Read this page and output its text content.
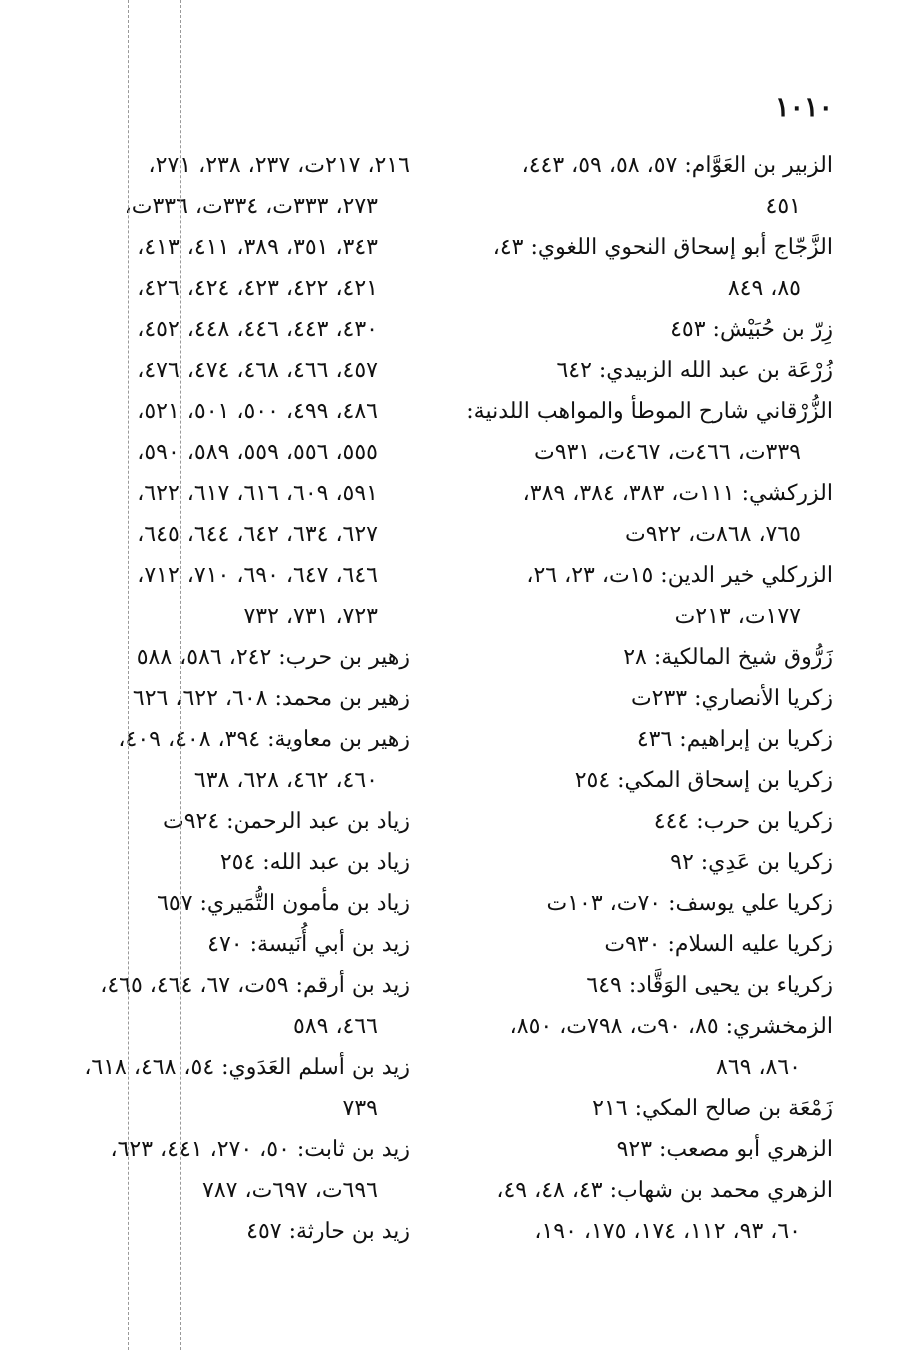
١٠١٠
الزبير بن العَوَّام: ٥٧، ٥٨، ٥٩، ٤٤٣،
٤٥١
الزَّجّاج أبو إسحاق النحوي اللغوي: ٤٣،
٨٥، ٨٤٩
زِرّ بن حُبَيْش: ٤٥٣
زُرْعَة بن عبد الله الزبيدي: ٦٤٢
الزُّرْقاني شارح الموطأ والمواهب اللدنية:
٣٣٩ت، ٤٦٦ت، ٤٦٧ت، ٩٣١ت
الزركشي: ١١١ت، ٣٨٣، ٣٨٤، ٣٨٩،
٧٦٥، ٨٦٨ت، ٩٢٢ت
الزركلي خير الدين: ١٥ت، ٢٣، ٢٦،
١٧٧ت، ٢١٣ت
زَرُّوق شيخ المالكية: ٢٨
زكريا الأنصاري: ٢٣٣ت
زكريا بن إبراهيم: ٤٣٦
زكريا بن إسحاق المكي: ٢٥٤
زكريا بن حرب: ٤٤٤
زكريا بن عَدِي: ٩٢
زكريا علي يوسف: ٧٠ت، ١٠٣ت
زكريا عليه السلام: ٩٣٠ت
زكرياء بن يحيى الوَقَّاد: ٦٤٩
الزمخشري: ٨٥، ٩٠ت، ٧٩٨ت، ٨٥٠،
٨٦٠، ٨٦٩
زَمْعَة بن صالح المكي: ٢١٦
الزهري أبو مصعب: ٩٢٣
الزهري محمد بن شهاب: ٤٣، ٤٨، ٤٩،
٦٠، ٩٣، ١١٢، ١٧٤، ١٧٥، ١٩٠،
٢١٦، ٢١٧ت، ٢٣٧، ٢٣٨، ٢٧١،
٢٧٣، ٣٣٣ت، ٣٣٤ت، ٣٣٦ت،
٣٤٣، ٣٥١، ٣٨٩، ٤١١، ٤١٣،
٤٢١، ٤٢٢، ٤٢٣، ٤٢٤، ٤٢٦،
٤٣٠، ٤٤٣، ٤٤٦، ٤٤٨، ٤٥٢،
٤٥٧، ٤٦٦، ٤٦٨، ٤٧٤، ٤٧٦،
٤٨٦، ٤٩٩، ٥٠٠، ٥٠١، ٥٢١،
٥٥٥، ٥٥٦، ٥٥٩، ٥٨٩، ٥٩٠،
٥٩١، ٦٠٩، ٦١٦، ٦١٧، ٦٢٢،
٦٢٧، ٦٣٤، ٦٤٢، ٦٤٤، ٦٤٥،
٦٤٦، ٦٤٧، ٦٩٠، ٧١٠، ٧١٢،
٧٢٣، ٧٣١، ٧٣٢
زهير بن حرب: ٢٤٢، ٥٨٦، ٥٨٨
زهير بن محمد: ٦٠٨، ٦٢٢، ٦٢٦
زهير بن معاوية: ٣٩٤، ٤٠٨، ٤٠٩،
٤٦٠، ٤٦٢، ٦٢٨، ٦٣٨
زياد بن عبد الرحمن: ٩٢٤ت
زياد بن عبد الله: ٢٥٤
زياد بن مأمون التُّمَيري: ٦٥٧
زيد بن أبي أُنَيسة: ٤٧٠
زيد بن أرقم: ٥٩ت، ٦٧، ٤٦٤، ٤٦٥،
٤٦٦، ٥٨٩
زيد بن أسلم العَدَوي: ٥٤، ٤٦٨، ٦١٨،
٧٣٩
زيد بن ثابت: ٥٠، ٢٧٠، ٤٤١، ٦٢٣،
٦٩٦ت، ٦٩٧ت، ٧٨٧
زيد بن حارثة: ٤٥٧
